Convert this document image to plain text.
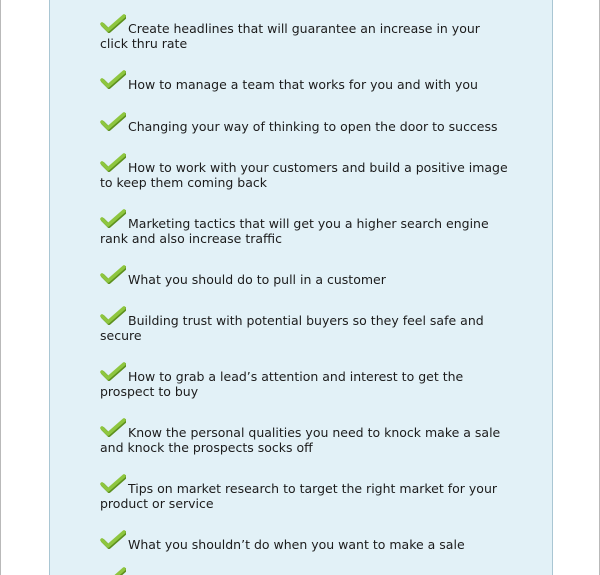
Create headlines that will guarantee an increase in your click thru rate
How to manage a team that works for you and with you
Changing your way of thinking to open the door to success
How to work with your customers and build a positive image to keep them coming back
Marketing tactics that will get you a higher search engine rank and also increase traffic
What you should do to pull in a customer
Building trust with potential buyers so they feel safe and secure
How to grab a lead’s attention and interest to get the prospect to buy
Know the personal qualities you need to knock make a sale and knock the prospects socks off
Tips on market research to target the right market for your product or service
What you shouldn’t do when you want to make a sale
